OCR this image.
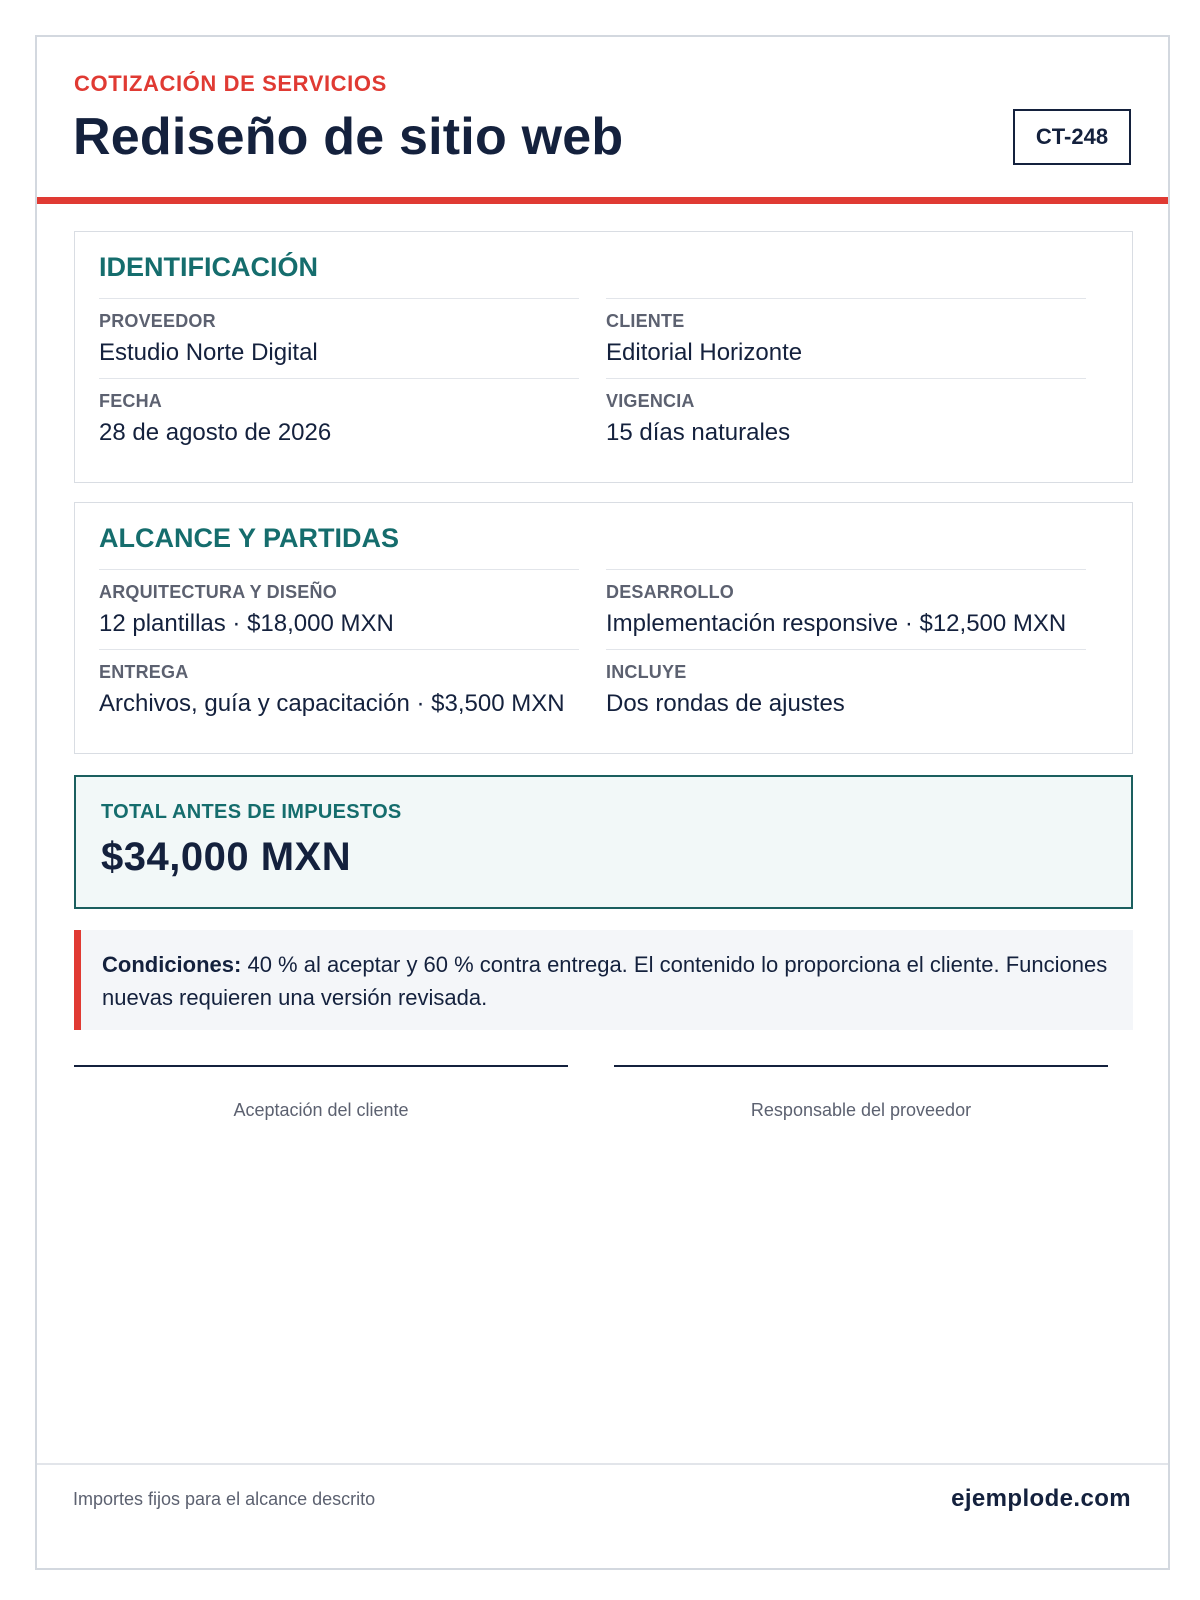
COTIZACIÓN DE SERVICIOS
Rediseño de sitio web	CT-248
IDENTIFICACIÓN
PROVEEDOR
Estudio Norte Digital
CLIENTE
Editorial Horizonte
FECHA
28 de agosto de 2026
VIGENCIA
15 días naturales
ALCANCE Y PARTIDAS
ARQUITECTURA Y DISEÑO
12 plantillas · $18,000 MXN
DESARROLLO
Implementación responsive · $12,500 MXN
ENTREGA
Archivos, guía y capacitación · $3,500 MXN
INCLUYE
Dos rondas de ajustes
TOTAL ANTES DE IMPUESTOS
$34,000 MXN
Condiciones: 40 % al aceptar y 60 % contra entrega. El contenido lo proporciona el cliente. Funciones nuevas requieren una versión revisada.
Aceptación del cliente	Responsable del proveedor
Importes fijos para el alcance descrito	ejemplode.com
